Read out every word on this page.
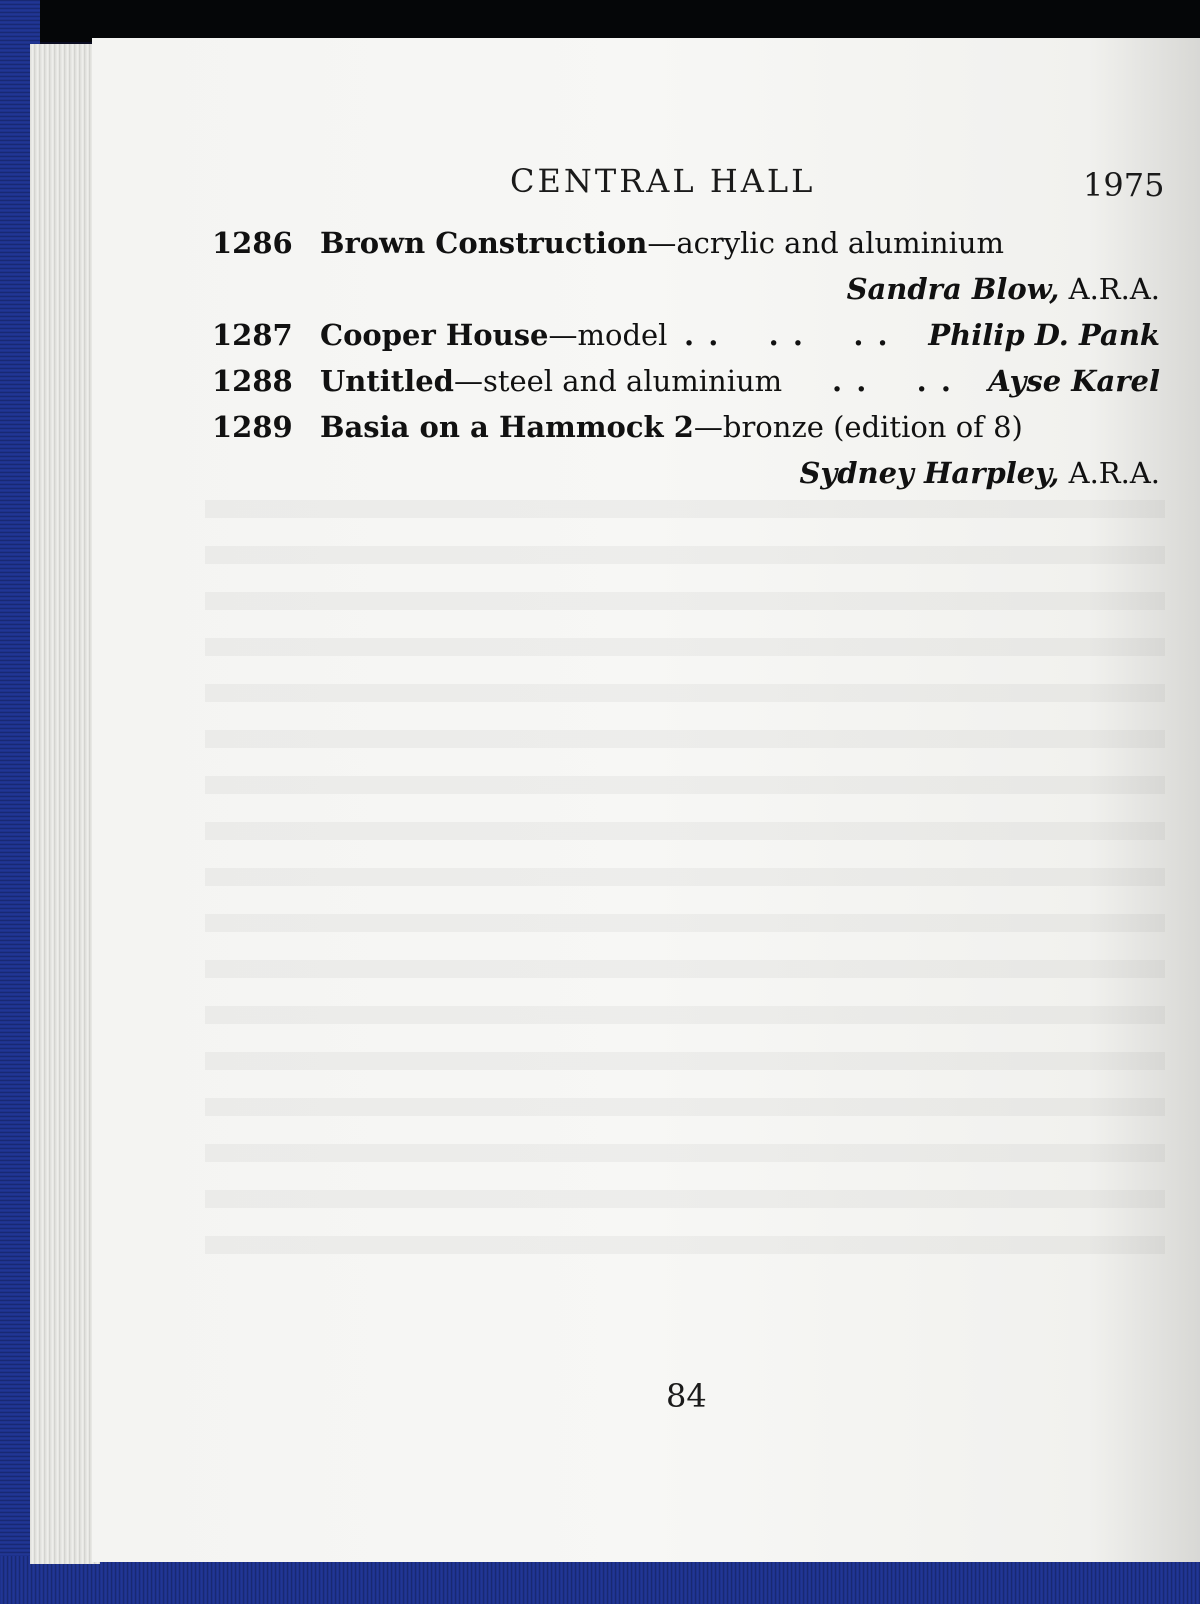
CENTRAL HALL	1975
1286 Brown Construction—acrylic and aluminium
Sandra Blow, A.R.A.
1287 Cooper House—model . .    . .    . . Philip D. Pank
1288 Untitled—steel and aluminium . .    . . Ayse Karel
1289 Basia on a Hammock 2—bronze (edition of 8)
Sydney Harpley, A.R.A.
84
